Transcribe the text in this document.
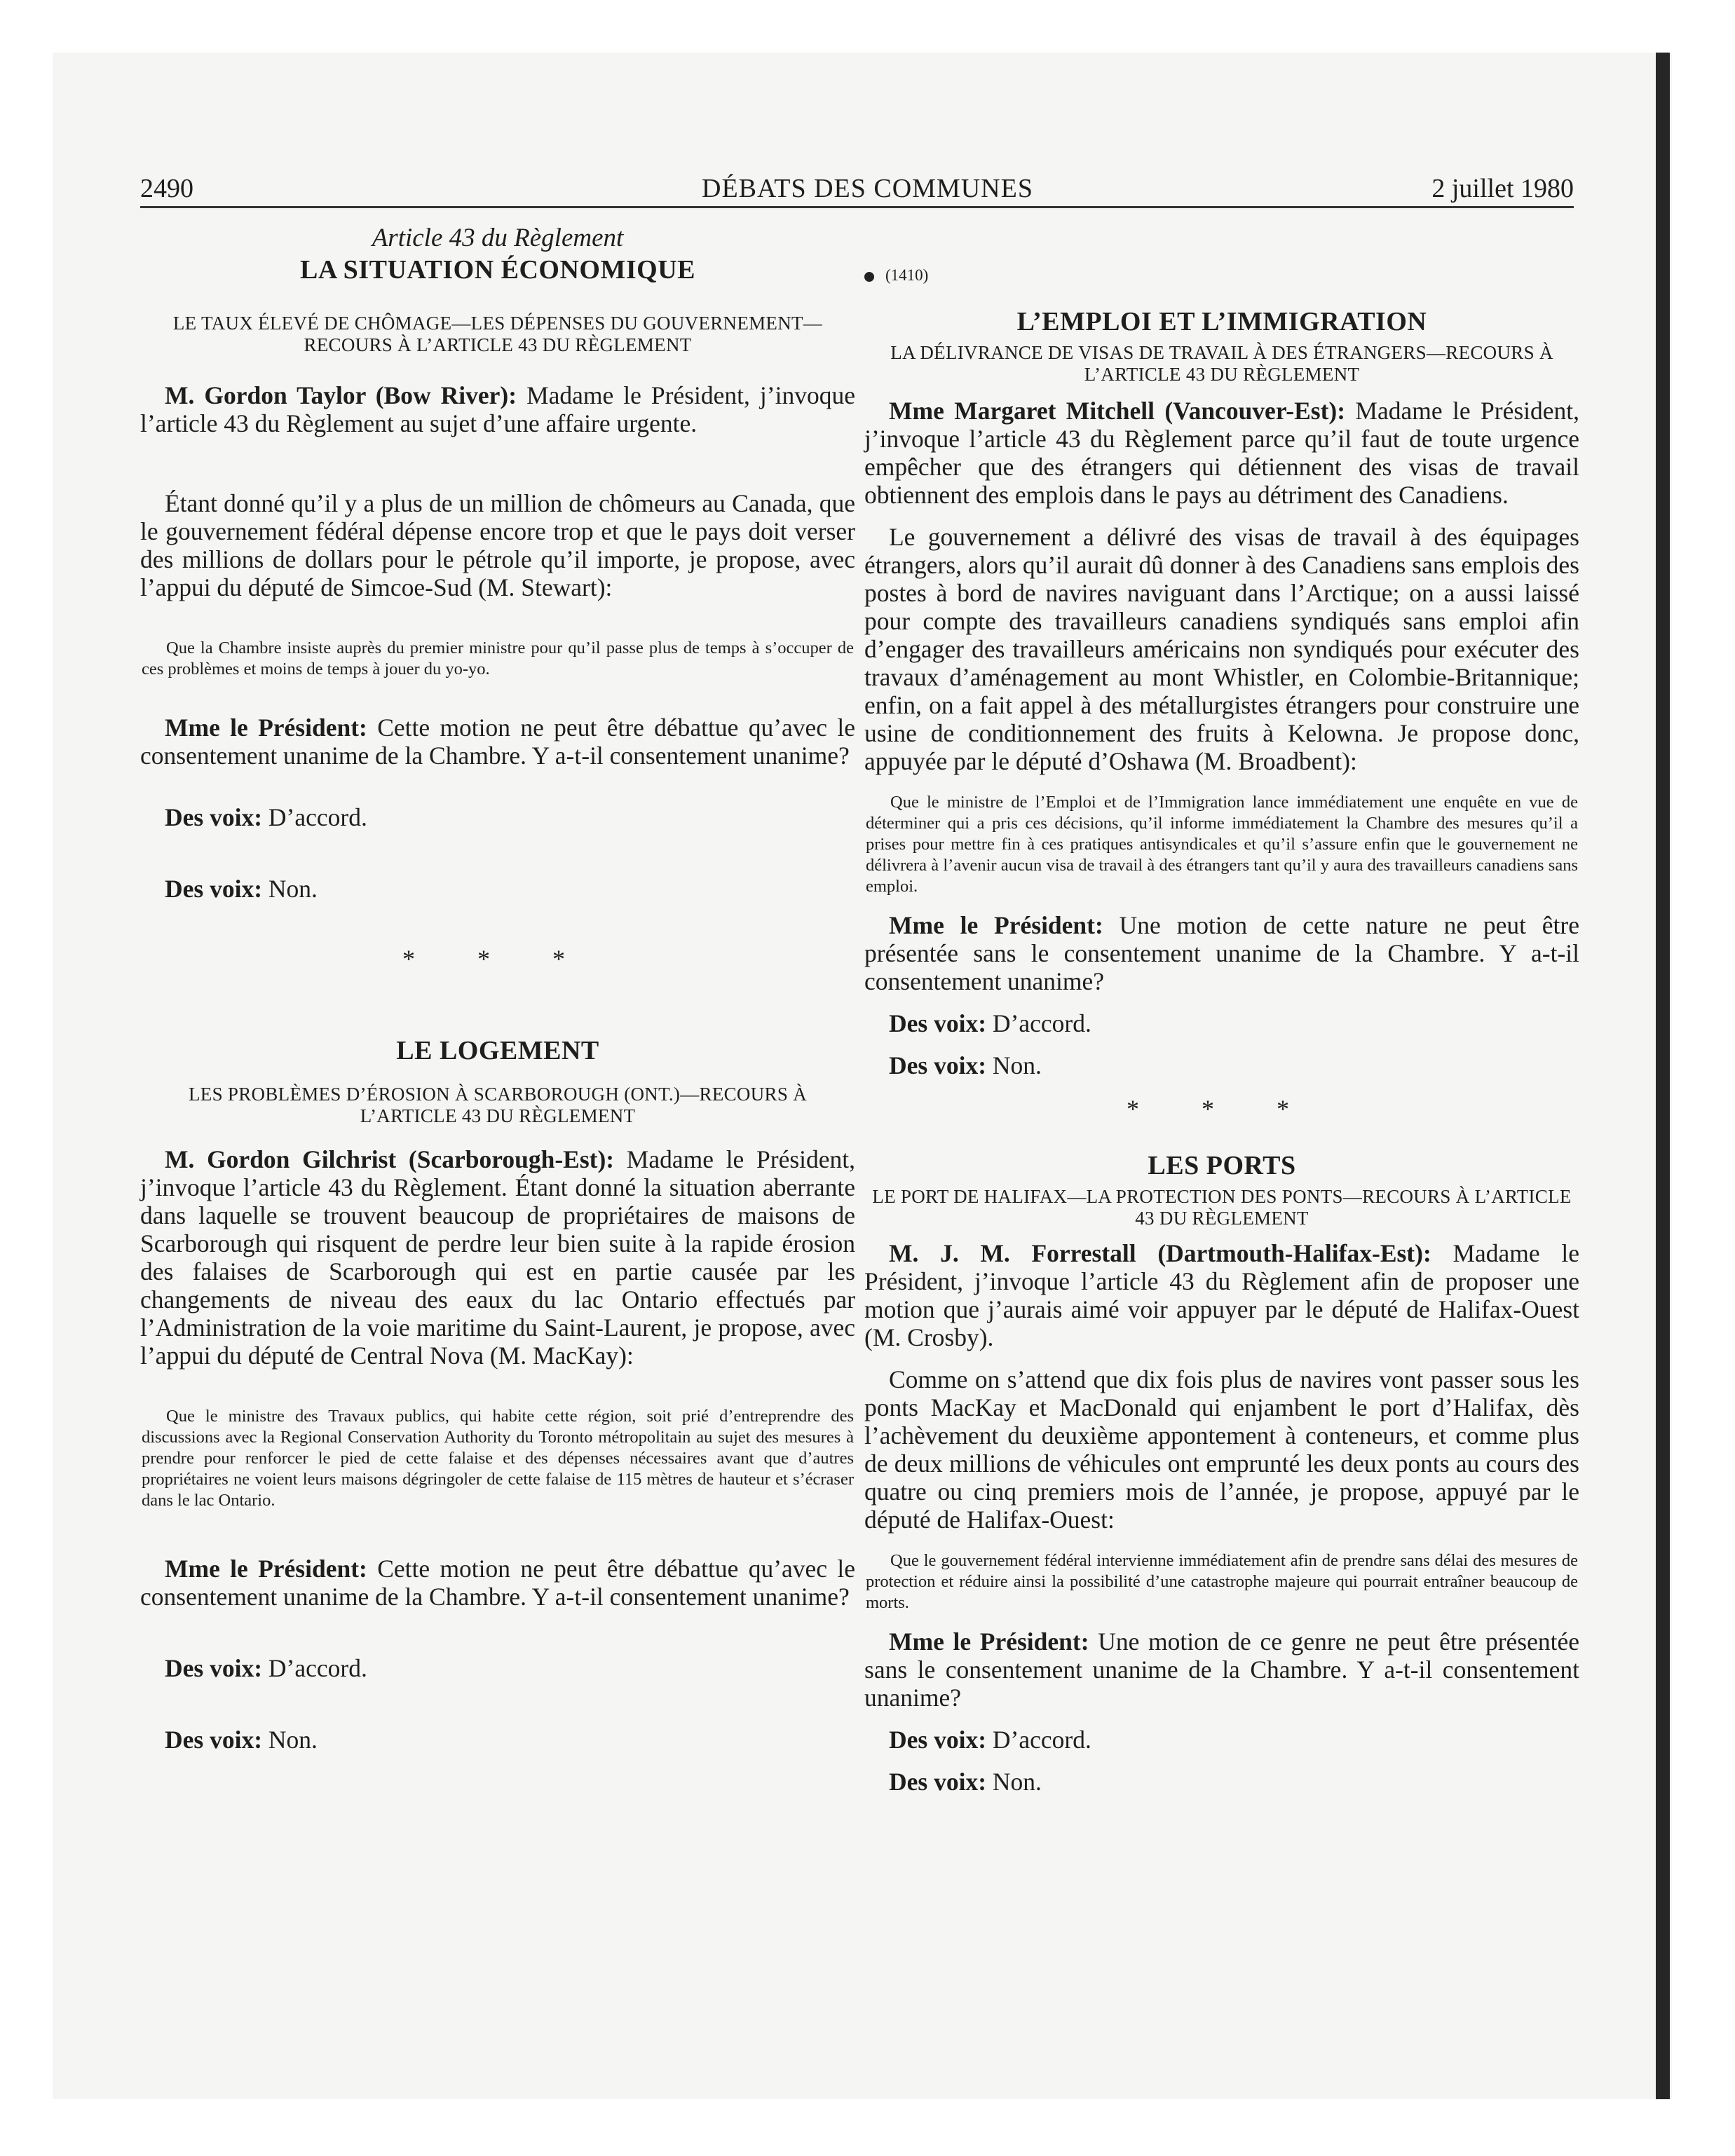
2490	DÉBATS DES COMMUNES	2 juillet 1980

Article 43 du Règlement

LA SITUATION ÉCONOMIQUE

LE TAUX ÉLEVÉ DE CHÔMAGE—LES DÉPENSES DU GOUVERNEMENT—RECOURS À L’ARTICLE 43 DU RÈGLEMENT

M. Gordon Taylor (Bow River): Madame le Président, j’invoque l’article 43 du Règlement au sujet d’une affaire urgente.

Étant donné qu’il y a plus de un million de chômeurs au Canada, que le gouvernement fédéral dépense encore trop et que le pays doit verser des millions de dollars pour le pétrole qu’il importe, je propose, avec l’appui du député de Simcoe-Sud (M. Stewart):

Que la Chambre insiste auprès du premier ministre pour qu’il passe plus de temps à s’occuper de ces problèmes et moins de temps à jouer du yo-yo.

Mme le Président: Cette motion ne peut être débattue qu’avec le consentement unanime de la Chambre. Y a-t-il consentement unanime?

Des voix: D’accord.

Des voix: Non.

* * *

LE LOGEMENT

LES PROBLÈMES D’ÉROSION À SCARBOROUGH (ONT.)—RECOURS À L’ARTICLE 43 DU RÈGLEMENT

M. Gordon Gilchrist (Scarborough-Est): Madame le Président, j’invoque l’article 43 du Règlement. Étant donné la situation aberrante dans laquelle se trouvent beaucoup de propriétaires de maisons de Scarborough qui risquent de perdre leur bien suite à la rapide érosion des falaises de Scarborough qui est en partie causée par les changements de niveau des eaux du lac Ontario effectués par l’Administration de la voie maritime du Saint-Laurent, je propose, avec l’appui du député de Central Nova (M. MacKay):

Que le ministre des Travaux publics, qui habite cette région, soit prié d’entreprendre des discussions avec la Regional Conservation Authority du Toronto métropolitain au sujet des mesures à prendre pour renforcer le pied de cette falaise et des dépenses nécessaires avant que d’autres propriétaires ne voient leurs maisons dégringoler de cette falaise de 115 mètres de hauteur et s’écraser dans le lac Ontario.

Mme le Président: Cette motion ne peut être débattue qu’avec le consentement unanime de la Chambre. Y a-t-il consentement unanime?

Des voix: D’accord.

Des voix: Non.

(1410)

L’EMPLOI ET L’IMMIGRATION

LA DÉLIVRANCE DE VISAS DE TRAVAIL À DES ÉTRANGERS—RECOURS À L’ARTICLE 43 DU RÈGLEMENT

Mme Margaret Mitchell (Vancouver-Est): Madame le Président, j’invoque l’article 43 du Règlement parce qu’il faut de toute urgence empêcher que des étrangers qui détiennent des visas de travail obtiennent des emplois dans le pays au détriment des Canadiens.

Le gouvernement a délivré des visas de travail à des équipages étrangers, alors qu’il aurait dû donner à des Canadiens sans emplois des postes à bord de navires naviguant dans l’Arctique; on a aussi laissé pour compte des travailleurs canadiens syndiqués sans emploi afin d’engager des travailleurs américains non syndiqués pour exécuter des travaux d’aménagement au mont Whistler, en Colombie-Britannique; enfin, on a fait appel à des métallurgistes étrangers pour construire une usine de conditionnement des fruits à Kelowna. Je propose donc, appuyée par le député d’Oshawa (M. Broadbent):

Que le ministre de l’Emploi et de l’Immigration lance immédiatement une enquête en vue de déterminer qui a pris ces décisions, qu’il informe immédiatement la Chambre des mesures qu’il a prises pour mettre fin à ces pratiques antisyndicales et qu’il s’assure enfin que le gouvernement ne délivrera à l’avenir aucun visa de travail à des étrangers tant qu’il y aura des travailleurs canadiens sans emploi.

Mme le Président: Une motion de cette nature ne peut être présentée sans le consentement unanime de la Chambre. Y a-t-il consentement unanime?

Des voix: D’accord.

Des voix: Non.

* * *

LES PORTS

LE PORT DE HALIFAX—LA PROTECTION DES PONTS—RECOURS À L’ARTICLE 43 DU RÈGLEMENT

M. J. M. Forrestall (Dartmouth-Halifax-Est): Madame le Président, j’invoque l’article 43 du Règlement afin de proposer une motion que j’aurais aimé voir appuyer par le député de Halifax-Ouest (M. Crosby).

Comme on s’attend que dix fois plus de navires vont passer sous les ponts MacKay et MacDonald qui enjambent le port d’Halifax, dès l’achèvement du deuxième appontement à conteneurs, et comme plus de deux millions de véhicules ont emprunté les deux ponts au cours des quatre ou cinq premiers mois de l’année, je propose, appuyé par le député de Halifax-Ouest:

Que le gouvernement fédéral intervienne immédiatement afin de prendre sans délai des mesures de protection et réduire ainsi la possibilité d’une catastrophe majeure qui pourrait entraîner beaucoup de morts.

Mme le Président: Une motion de ce genre ne peut être présentée sans le consentement unanime de la Chambre. Y a-t-il consentement unanime?

Des voix: D’accord.

Des voix: Non.
